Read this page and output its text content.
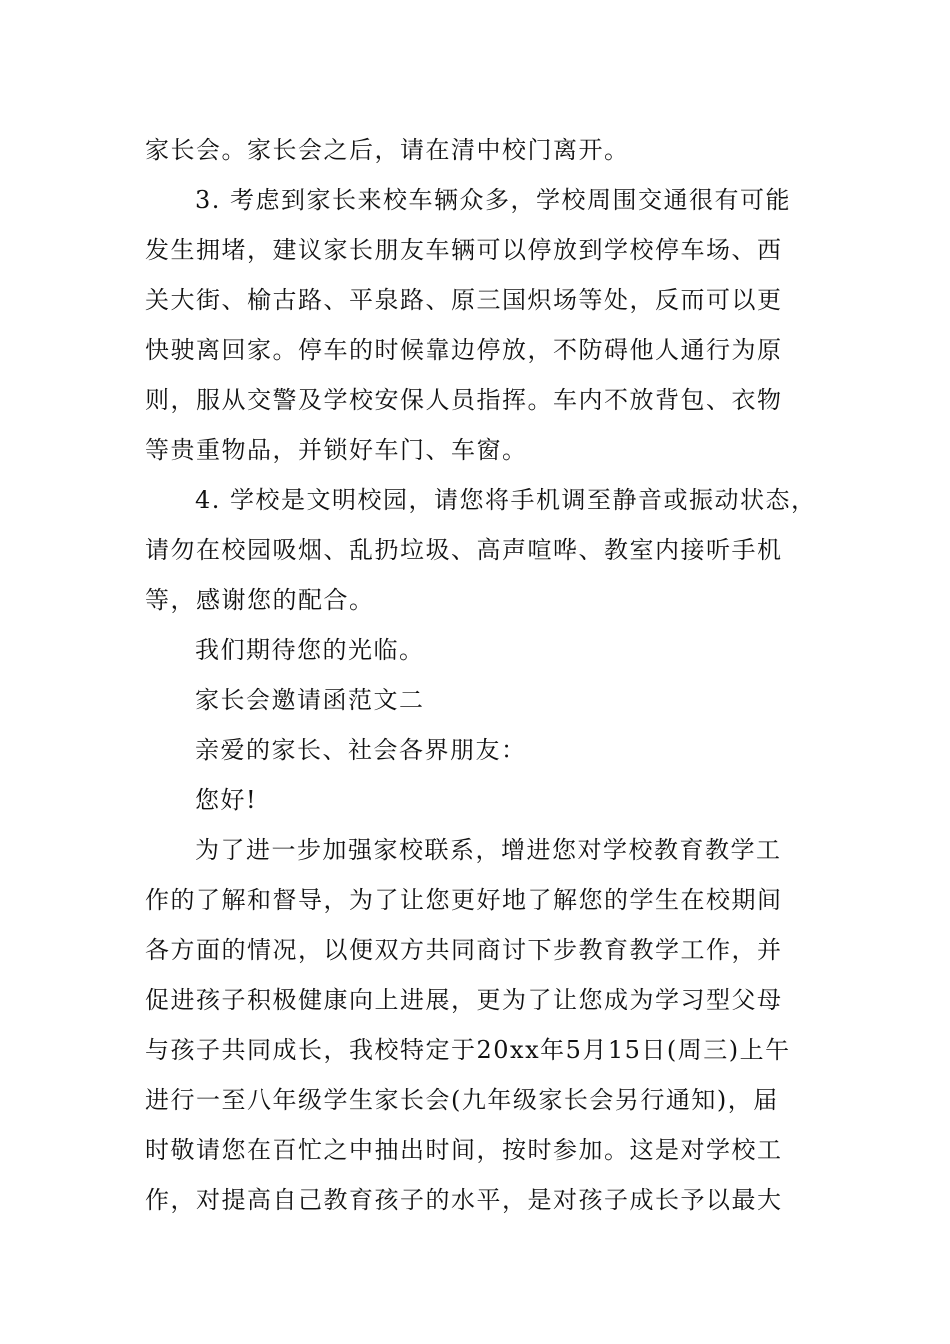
家长会。家长会之后，请在清中校门离开。
3. 考虑到家长来校车辆众多，学校周围交通很有可能
发生拥堵，建议家长朋友车辆可以停放到学校停车场、西
关大街、榆古路、平泉路、原三国炽场等处，反而可以更
快驶离回家。停车的时候靠边停放，不防碍他人通行为原
则，服从交警及学校安保人员指挥。车内不放背包、衣物
等贵重物品，并锁好车门、车窗。
4. 学校是文明校园，请您将手机调至静音或振动状态，
请勿在校园吸烟、乱扔垃圾、高声喧哗、教室内接听手机
等，感谢您的配合。
我们期待您的光临。
家长会邀请函范文二
亲爱的家长、社会各界朋友：
您好!
为了进一步加强家校联系，增进您对学校教育教学工
作的了解和督导，为了让您更好地了解您的学生在校期间
各方面的情况，以便双方共同商讨下步教育教学工作，并
促进孩子积极健康向上进展，更为了让您成为学习型父母
与孩子共同成长，我校特定于20xx年5月15日(周三)上午
进行一至八年级学生家长会(九年级家长会另行通知)，届
时敬请您在百忙之中抽出时间，按时参加。这是对学校工
作，对提高自己教育孩子的水平，是对孩子成长予以最大
